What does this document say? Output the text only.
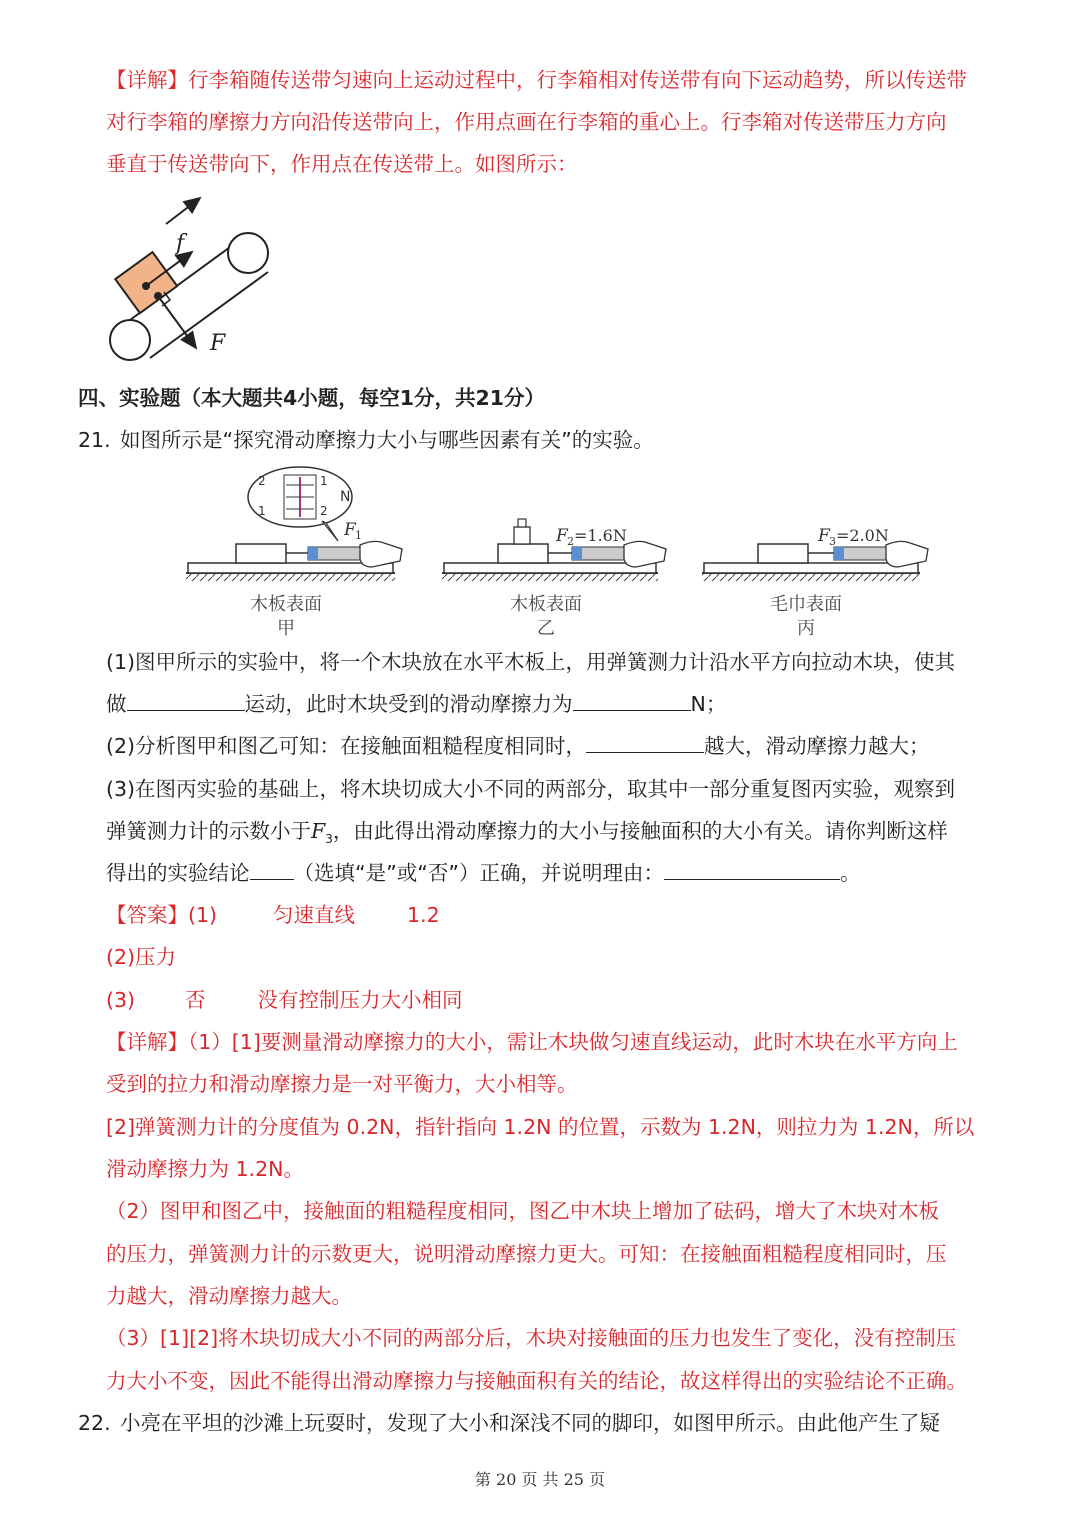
【详解】行李箱随传送带匀速向上运动过程中，行李箱相对传送带有向下运动趋势，所以传送带
对行李箱的摩擦力方向沿传送带向上，作用点画在行李箱的重心上。行李箱对传送带压力方向
垂直于传送带向下，作用点在传送带上。如图所示：
f
F
四、实验题（本大题共4小题，每空1分，共21分）
21. 如图所示是“探究滑动摩擦力大小与哪些因素有关”的实验。
F 1
N
2	1
1	2
F 2 =1.6N	F 3 =2.0N
木板表面
甲
木板表面
乙
毛巾表面
丙
(1)图甲所示的实验中，将一个木块放在水平木板上，用弹簧测力计沿水平方向拉动木块，使其
做	运动，此时木块受到的滑动摩擦力为	N；
(2)分析图甲和图乙可知：在接触面粗糙程度相同时，	越大，滑动摩擦力越大；
(3)在图丙实验的基础上，将木块切成大小不同的两部分，取其中一部分重复图丙实验，观察到
弹簧测力计的示数小于$F_3$，由此得出滑动摩擦力的大小与接触面积的大小有关。请你判断这样
得出的实验结论 （选填“是”或“否”）正确，并说明理由：	。
【答案】(1)	匀速直线	1.2
(2)压力
(3) 否	没有控制压力大小相同
【详解】（1）[1]要测量滑动摩擦力的大小，需让木块做匀速直线运动，此时木块在水平方向上
受到的拉力和滑动摩擦力是一对平衡力，大小相等。
[2]弹簧测力计的分度值为 0.2N，指针指向 1.2N 的位置，示数为 1.2N，则拉力为 1.2N，所以
滑动摩擦力为 1.2N。
（2）图甲和图乙中，接触面的粗糙程度相同，图乙中木块上增加了砝码，增大了木块对木板
的压力，弹簧测力计的示数更大，说明滑动摩擦力更大。可知：在接触面粗糙程度相同时，压
力越大，滑动摩擦力越大。
（3）[1][2]将木块切成大小不同的两部分后，木块对接触面的压力也发生了变化，没有控制压
力大小不变，因此不能得出滑动摩擦力与接触面积有关的结论，故这样得出的实验结论不正确。
22. 小亮在平坦的沙滩上玩耍时，发现了大小和深浅不同的脚印，如图甲所示。由此他产生了疑
第 20 页 共 25 页
